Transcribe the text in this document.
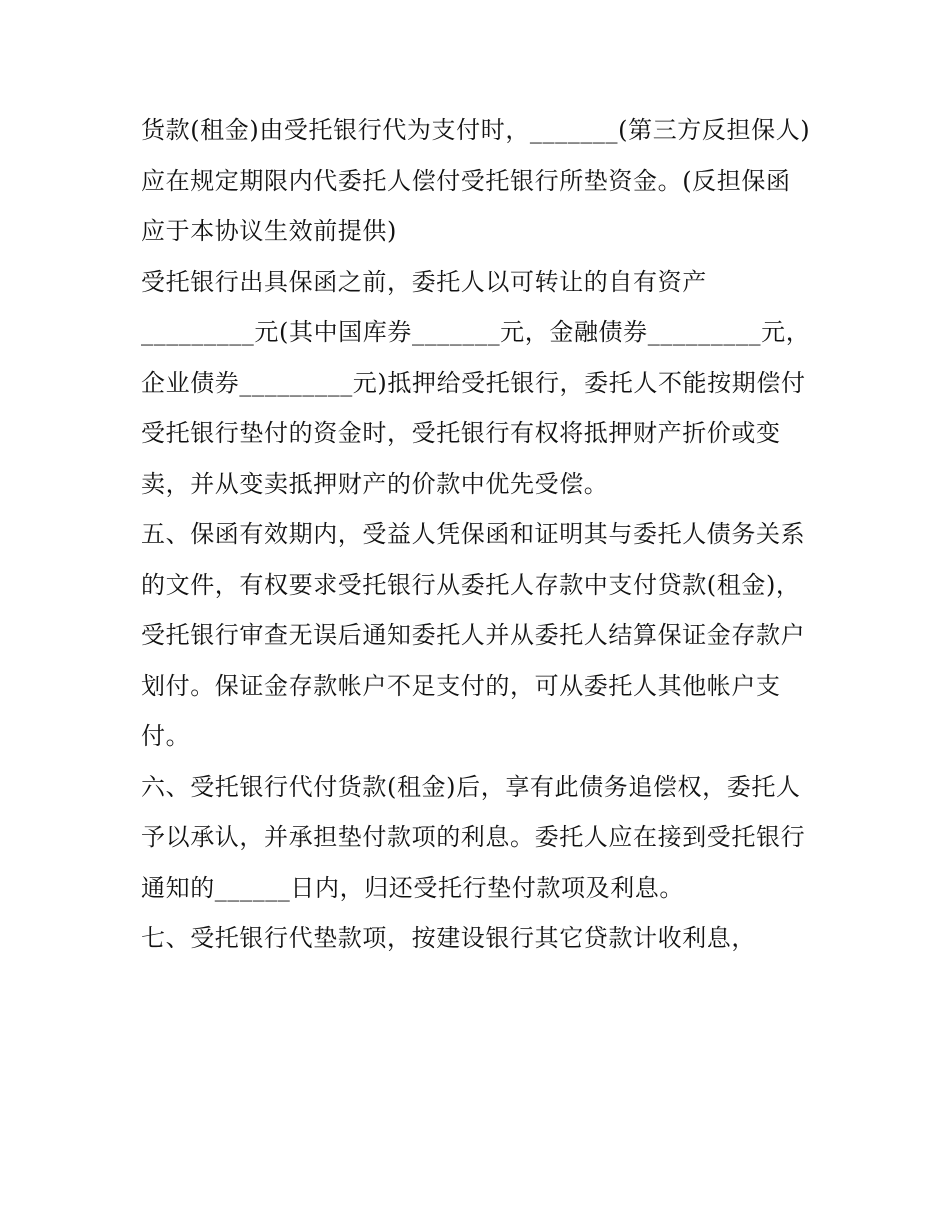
货款(租金)由受托银行代为支付时，_______(第三方反担保人)
应在规定期限内代委托人偿付受托银行所垫资金。(反担保函
应于本协议生效前提供)
受托银行出具保函之前，委托人以可转让的自有资产
_________元(其中国库券_______元，金融债券_________元，
企业债券_________元)抵押给受托银行，委托人不能按期偿付
受托银行垫付的资金时，受托银行有权将抵押财产折价或变
卖，并从变卖抵押财产的价款中优先受偿。
五、保函有效期内，受益人凭保函和证明其与委托人债务关系
的文件，有权要求受托银行从委托人存款中支付贷款(租金)，
受托银行审查无误后通知委托人并从委托人结算保证金存款户
划付。保证金存款帐户不足支付的，可从委托人其他帐户支
付。
六、受托银行代付货款(租金)后，享有此债务追偿权，委托人
予以承认，并承担垫付款项的利息。委托人应在接到受托银行
通知的______日内，归还受托行垫付款项及利息。
七、受托银行代垫款项，按建设银行其它贷款计收利息，
